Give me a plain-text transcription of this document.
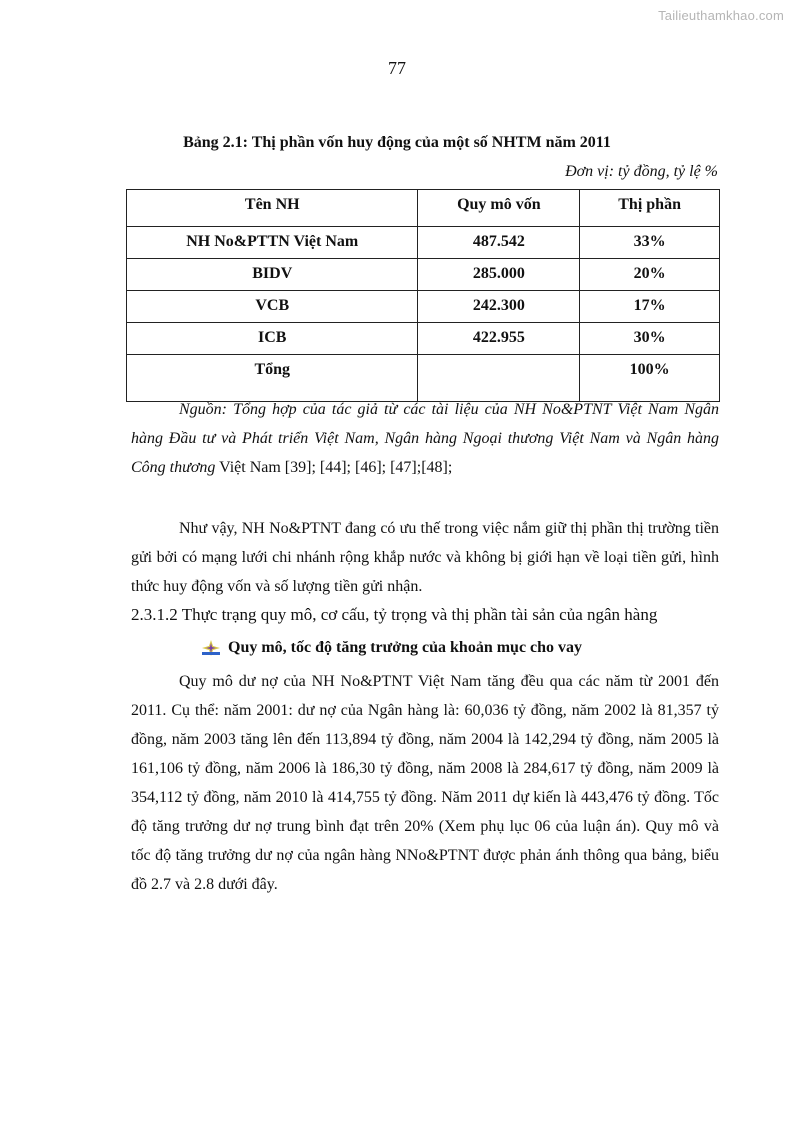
Tailieuthamkhao.com
77
Bảng 2.1: Thị phần vốn huy động của một số NHTM năm 2011
Đơn vị: tỷ đồng, tỷ lệ %
Tên NH	Quy mô vốn	Thị phần
NH No&PTTN Việt Nam	487.542	33%
BIDV	285.000	20%
VCB	242.300	17%
ICB	422.955	30%
Tổng		100%

Nguồn: Tổng hợp của tác giả từ các tài liệu của NH No&PTNT Việt Nam Ngân hàng Đầu tư và Phát triển Việt Nam, Ngân hàng Ngoại thương Việt Nam và Ngân hàng Công thương Việt Nam [39]; [44]; [46]; [47];[48];

Như vậy, NH No&PTNT đang có ưu thế trong việc nắm giữ thị phần thị trường tiền gửi bởi có mạng lưới chi nhánh rộng khắp nước và không bị giới hạn về loại tiền gửi, hình thức huy động vốn và số lượng tiền gửi nhận.

2.3.1.2 Thực trạng quy mô, cơ cấu, tỷ trọng và thị phần tài sản của ngân hàng
Quy mô, tốc độ tăng trưởng của khoản mục cho vay

Quy mô dư nợ của NH No&PTNT Việt Nam tăng đều qua các năm từ 2001 đến 2011. Cụ thể: năm 2001: dư nợ của Ngân hàng là: 60,036 tỷ đồng, năm 2002 là 81,357 tỷ đồng, năm 2003 tăng lên đến 113,894 tỷ đồng, năm 2004 là 142,294 tỷ đồng, năm 2005 là 161,106 tỷ đồng, năm 2006 là 186,30 tỷ đồng, năm 2008 là 284,617 tỷ đồng, năm 2009 là 354,112 tỷ đồng, năm 2010 là 414,755 tỷ đồng. Năm 2011 dự kiến là 443,476 tỷ đồng. Tốc độ tăng trưởng dư nợ trung bình đạt trên 20% (Xem phụ lục 06 của luận án). Quy mô và tốc độ tăng trưởng dư nợ của ngân hàng NNo&PTNT được phản ánh thông qua bảng, biểu đồ 2.7 và 2.8 dưới đây.
